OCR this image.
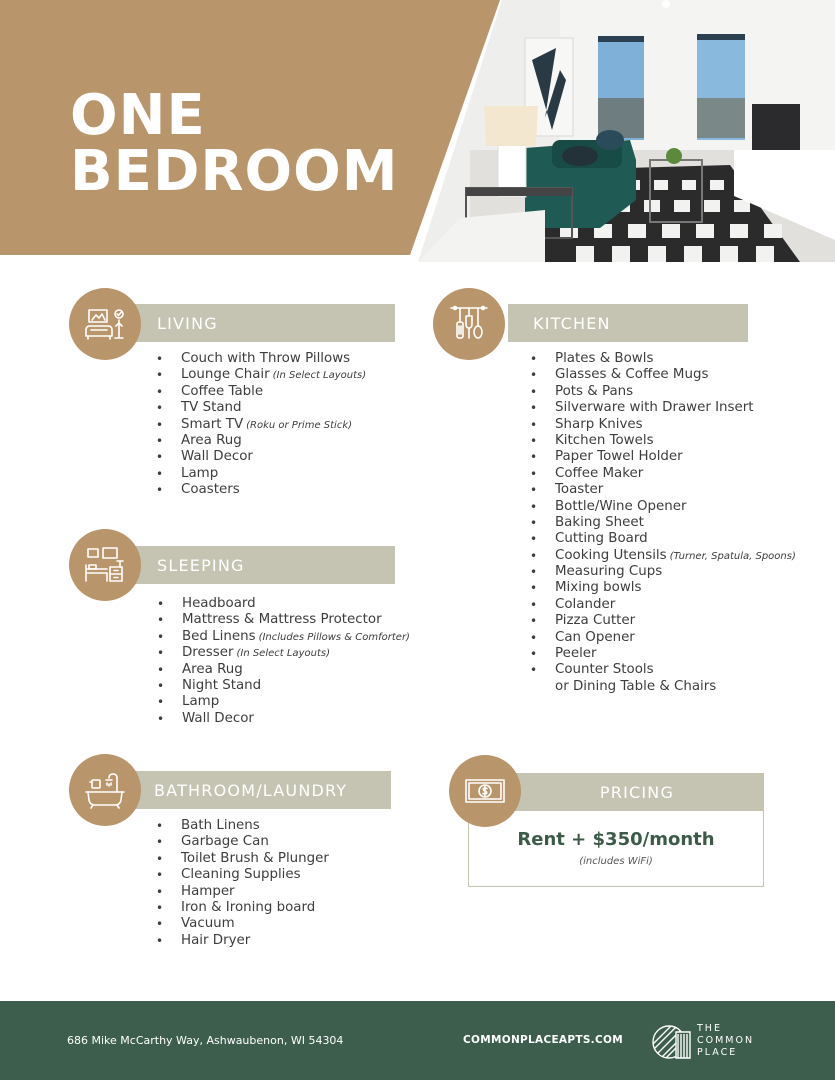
ONE
BEDROOM
LIVING
• Couch with Throw Pillows
• Lounge Chair (In Select Layouts)
• Coffee Table
• TV Stand
• Smart TV (Roku or Prime Stick)
• Area Rug
• Wall Decor
• Lamp
• Coasters
SLEEPING
• Headboard
• Mattress & Mattress Protector
• Bed Linens (Includes Pillows & Comforter)
• Dresser (In Select Layouts)
• Area Rug
• Night Stand
• Lamp
• Wall Decor
BATHROOM/LAUNDRY
• Bath Linens
• Garbage Can
• Toilet Brush & Plunger
• Cleaning Supplies
• Hamper
• Iron & Ironing board
• Vacuum
• Hair Dryer
KITCHEN
• Plates & Bowls
• Glasses & Coffee Mugs
• Pots & Pans
• Silverware with Drawer Insert
• Sharp Knives
• Kitchen Towels
• Paper Towel Holder
• Coffee Maker
• Toaster
• Bottle/Wine Opener
• Baking Sheet
• Cutting Board
• Cooking Utensils (Turner, Spatula, Spoons)
• Measuring Cups
• Mixing bowls
• Colander
• Pizza Cutter
• Can Opener
• Peeler
• Counter Stools
or Dining Table & Chairs
PRICING
Rent + $350/month
(includes WiFi)
686 Mike McCarthy Way, Ashwaubenon, WI 54304	COMMONPLACEAPTS.COM
THE
COMMON
PLACE
